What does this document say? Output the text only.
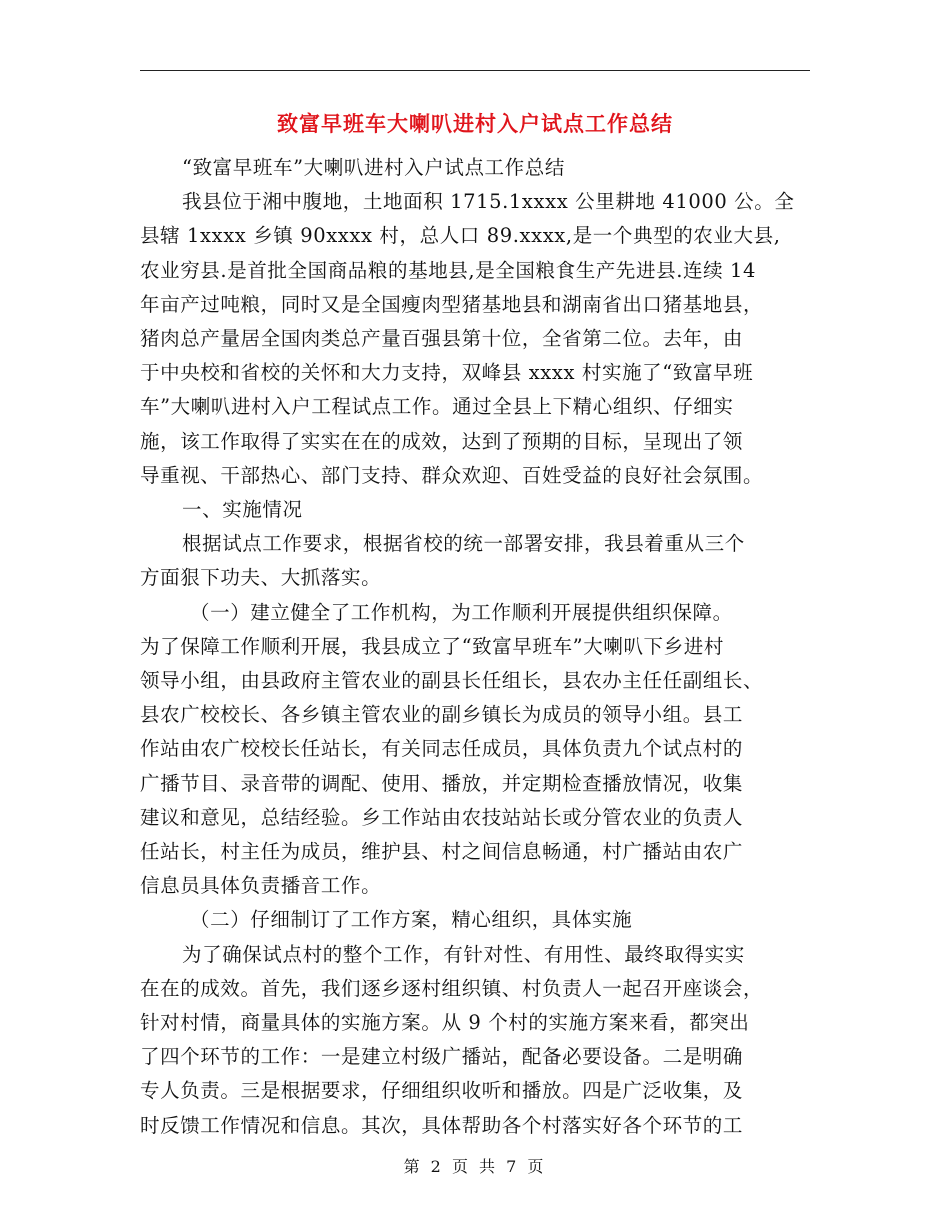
致富早班车大喇叭进村入户试点工作总结

“致富早班车”大喇叭进村入户试点工作总结

我县位于湘中腹地，土地面积 1715.1xxxx 公里耕地 41000 公。全

县辖 1xxxx 乡镇 90xxxx 村，总人口 89.xxxx,是一个典型的农业大县,

农业穷县.是首批全国商品粮的基地县,是全国粮食生产先进县.连续 14

年亩产过吨粮，同时又是全国瘦肉型猪基地县和湖南省出口猪基地县，

猪肉总产量居全国肉类总产量百强县第十位，全省第二位。去年，由

于中央校和省校的关怀和大力支持，双峰县 xxxx 村实施了“致富早班

车”大喇叭进村入户工程试点工作。通过全县上下精心组织、仔细实

施，该工作取得了实实在在的成效，达到了预期的目标，呈现出了领

导重视、干部热心、部门支持、群众欢迎、百姓受益的良好社会氛围。

一、实施情况

根据试点工作要求，根据省校的统一部署安排，我县着重从三个

方面狠下功夫、大抓落实。

（一）建立健全了工作机构，为工作顺利开展提供组织保障。

为了保障工作顺利开展，我县成立了“致富早班车”大喇叭下乡进村

领导小组，由县政府主管农业的副县长任组长，县农办主任任副组长、

县农广校校长、各乡镇主管农业的副乡镇长为成员的领导小组。县工

作站由农广校校长任站长，有关同志任成员，具体负责九个试点村的

广播节目、录音带的调配、使用、播放，并定期检查播放情况，收集

建议和意见，总结经验。乡工作站由农技站站长或分管农业的负责人

任站长，村主任为成员，维护县、村之间信息畅通，村广播站由农广

信息员具体负责播音工作。

（二）仔细制订了工作方案，精心组织，具体实施

为了确保试点村的整个工作，有针对性、有用性、最终取得实实

在在的成效。首先，我们逐乡逐村组织镇、村负责人一起召开座谈会，

针对村情，商量具体的实施方案。从 9 个村的实施方案来看，都突出

了四个环节的工作：一是建立村级广播站，配备必要设备。二是明确

专人负责。三是根据要求，仔细组织收听和播放。四是广泛收集，及

时反馈工作情况和信息。其次，具体帮助各个村落实好各个环节的工

第 2 页 共 7 页
